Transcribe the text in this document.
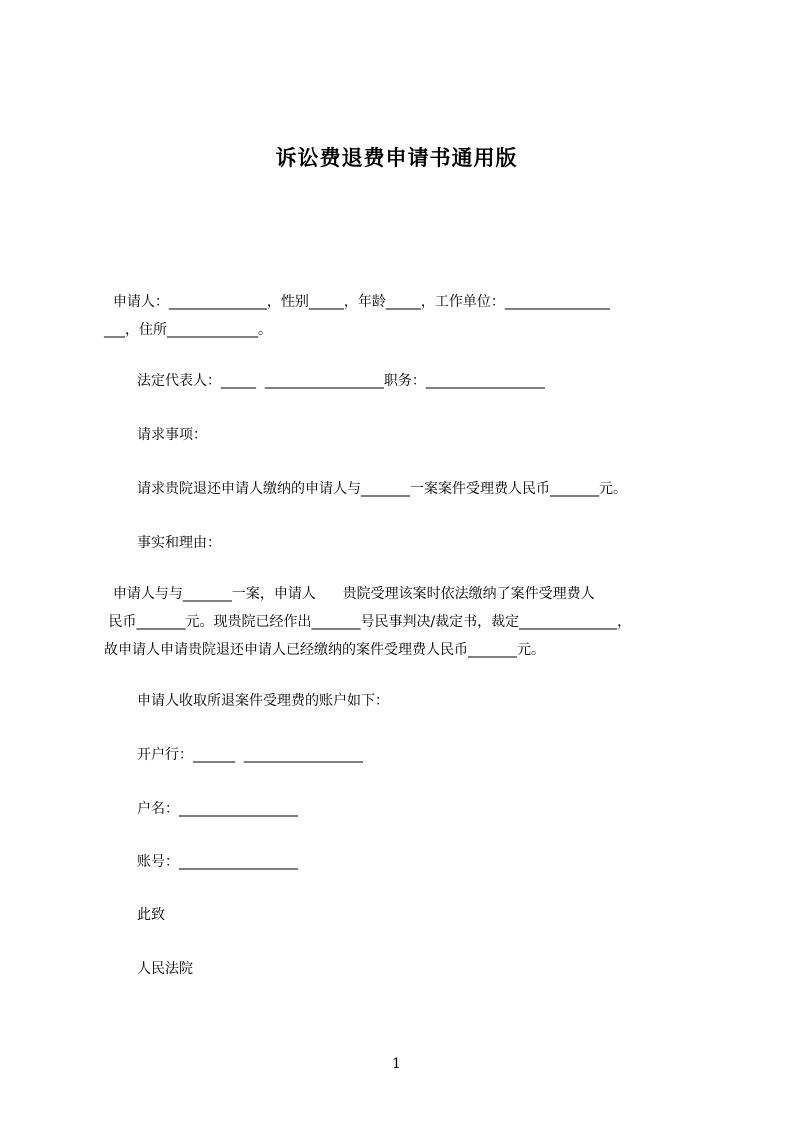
诉讼费退费申请书通用版
申请人：______________，性别_____，年龄_____，工作单位：_______________
___，住所_____________。

法定代表人：_____  _________________职务：_________________

请求事项：

请求贵院退还申请人缴纳的申请人与_______一案案件受理费人民币_______元。

事实和理由：

申请人与与_______一案，申请人      贵院受理该案时依法缴纳了案件受理费人
民币_______元。现贵院已经作出_______号民事判决/裁定书，裁定______________，
故申请人申请贵院退还申请人已经缴纳的案件受理费人民币_______元。

申请人收取所退案件受理费的账户如下：

开户行：______  _________________

户名：_________________

账号：_________________

此致

人民法院

1
